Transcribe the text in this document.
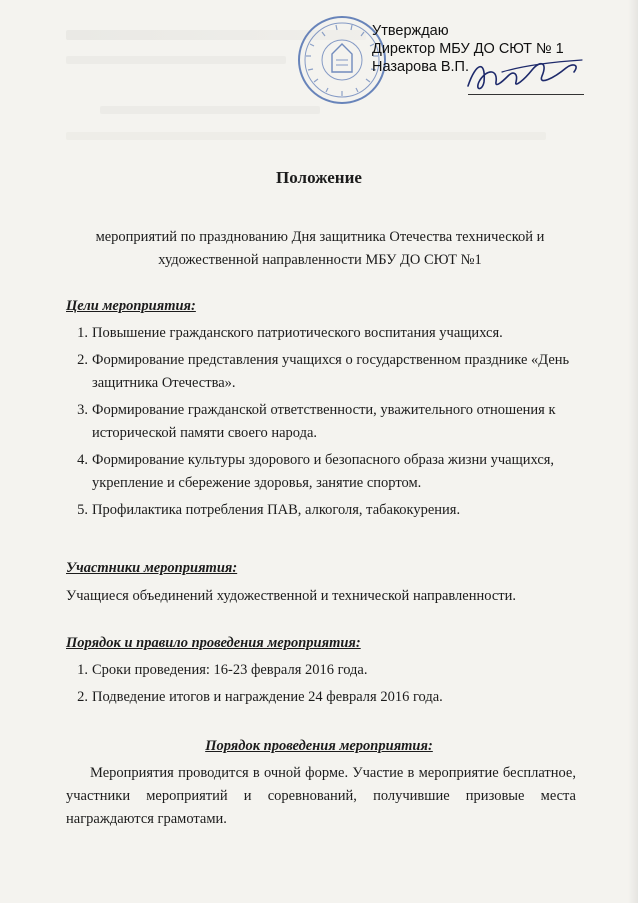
Утверждаю
Директор МБУ ДО СЮТ № 1
Назарова В.П.
Положение
мероприятий по празднованию Дня защитника Отечества технической и художественной направленности МБУ ДО СЮТ №1
Цели мероприятия:
1. Повышение гражданского патриотического воспитания учащихся.
2. Формирование представления учащихся о государственном празднике «День защитника Отечества».
3. Формирование гражданской ответственности, уважительного отношения к исторической памяти своего народа.
4. Формирование культуры здорового и безопасного образа жизни учащихся, укрепление и сбережение здоровья, занятие спортом.
5. Профилактика потребления ПАВ, алкоголя, табакокурения.
Участники мероприятия:
Учащиеся объединений художественной и технической направленности.
Порядок и правило проведения мероприятия:
1. Сроки проведения: 16-23 февраля 2016 года.
2. Подведение итогов и награждение 24 февраля 2016 года.
Порядок проведения мероприятия:
Мероприятия проводится в очной форме. Участие в мероприятие бесплатное, участники мероприятий и соревнований, получившие призовые места награждаются грамотами.
